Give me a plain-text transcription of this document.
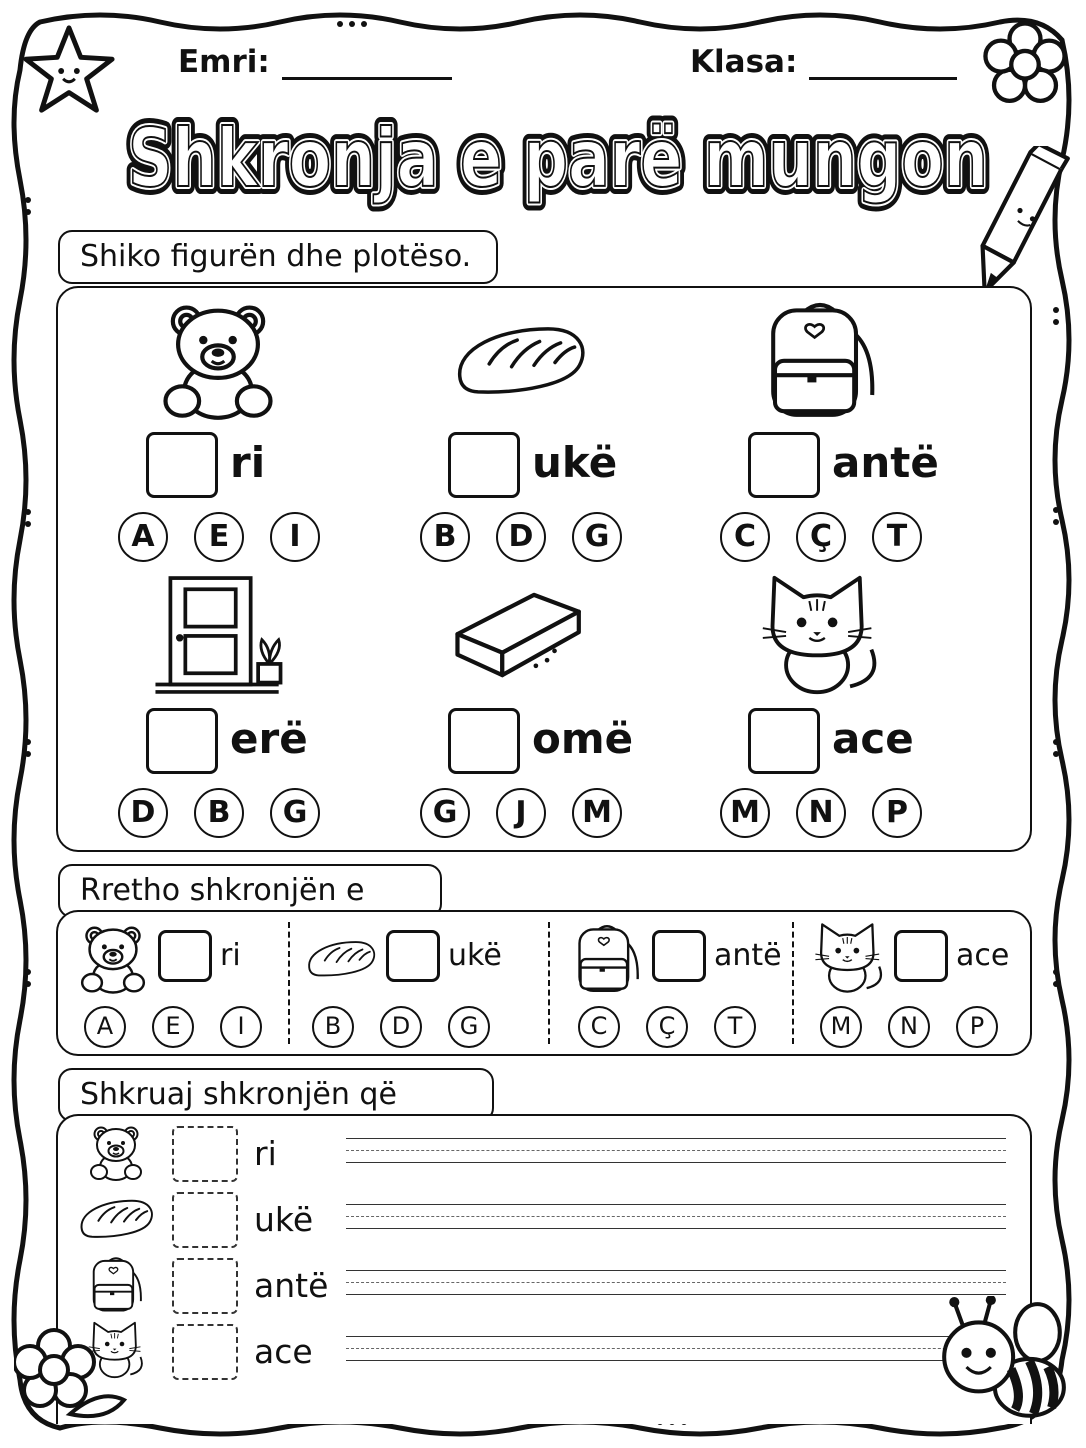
Emri:	Klasa:
Shkronja e parë mungon
Shkronja e parë mungon
Shkronja e parë mungon
Shiko figurën dhe plotëso.
ri
A	E	I
ukë
B	D	G
antë
C	Ç	T
erë
D	B	G
omë
G	J	M
ace
M	N	P
Rretho shkronjën e
ri
A	E	I
ukë
B	D	G
antë
C	Ç	T
ace
M	N	P
Shkruaj shkronjën që
ri
ukë
antë
ace
